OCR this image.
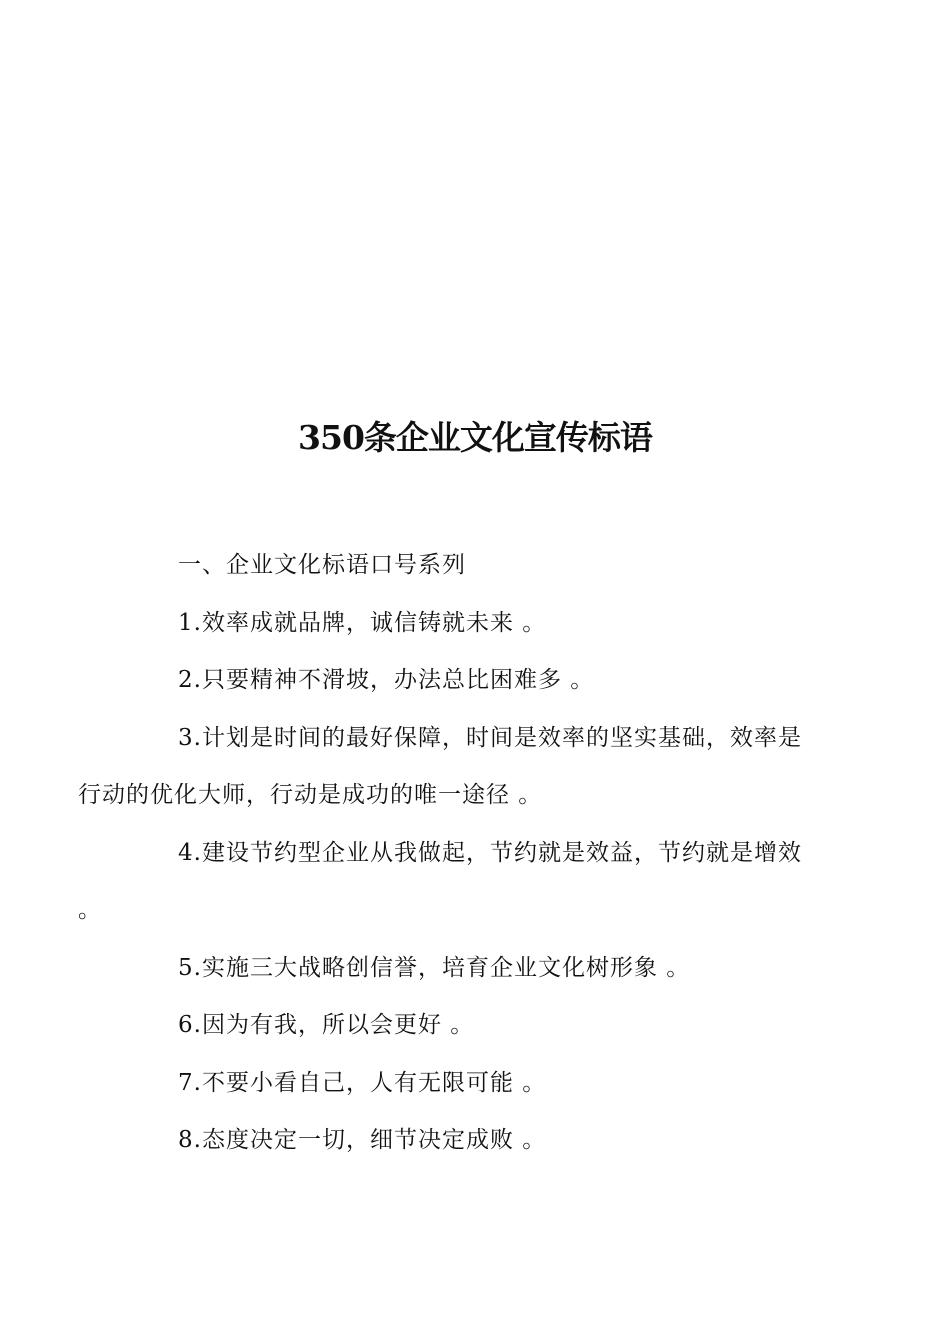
350条企业文化宣传标语

一、企业文化标语口号系列

1.效率成就品牌，诚信铸就未来 。

2.只要精神不滑坡，办法总比困难多 。

3.计划是时间的最好保障，时间是效率的坚实基础，效率是
行动的优化大师，行动是成功的唯一途径 。

4.建设节约型企业从我做起，节约就是效益，节约就是增效
。

5.实施三大战略创信誉，培育企业文化树形象 。

6.因为有我，所以会更好 。

7.不要小看自己，人有无限可能 。

8.态度决定一切，细节决定成败 。
